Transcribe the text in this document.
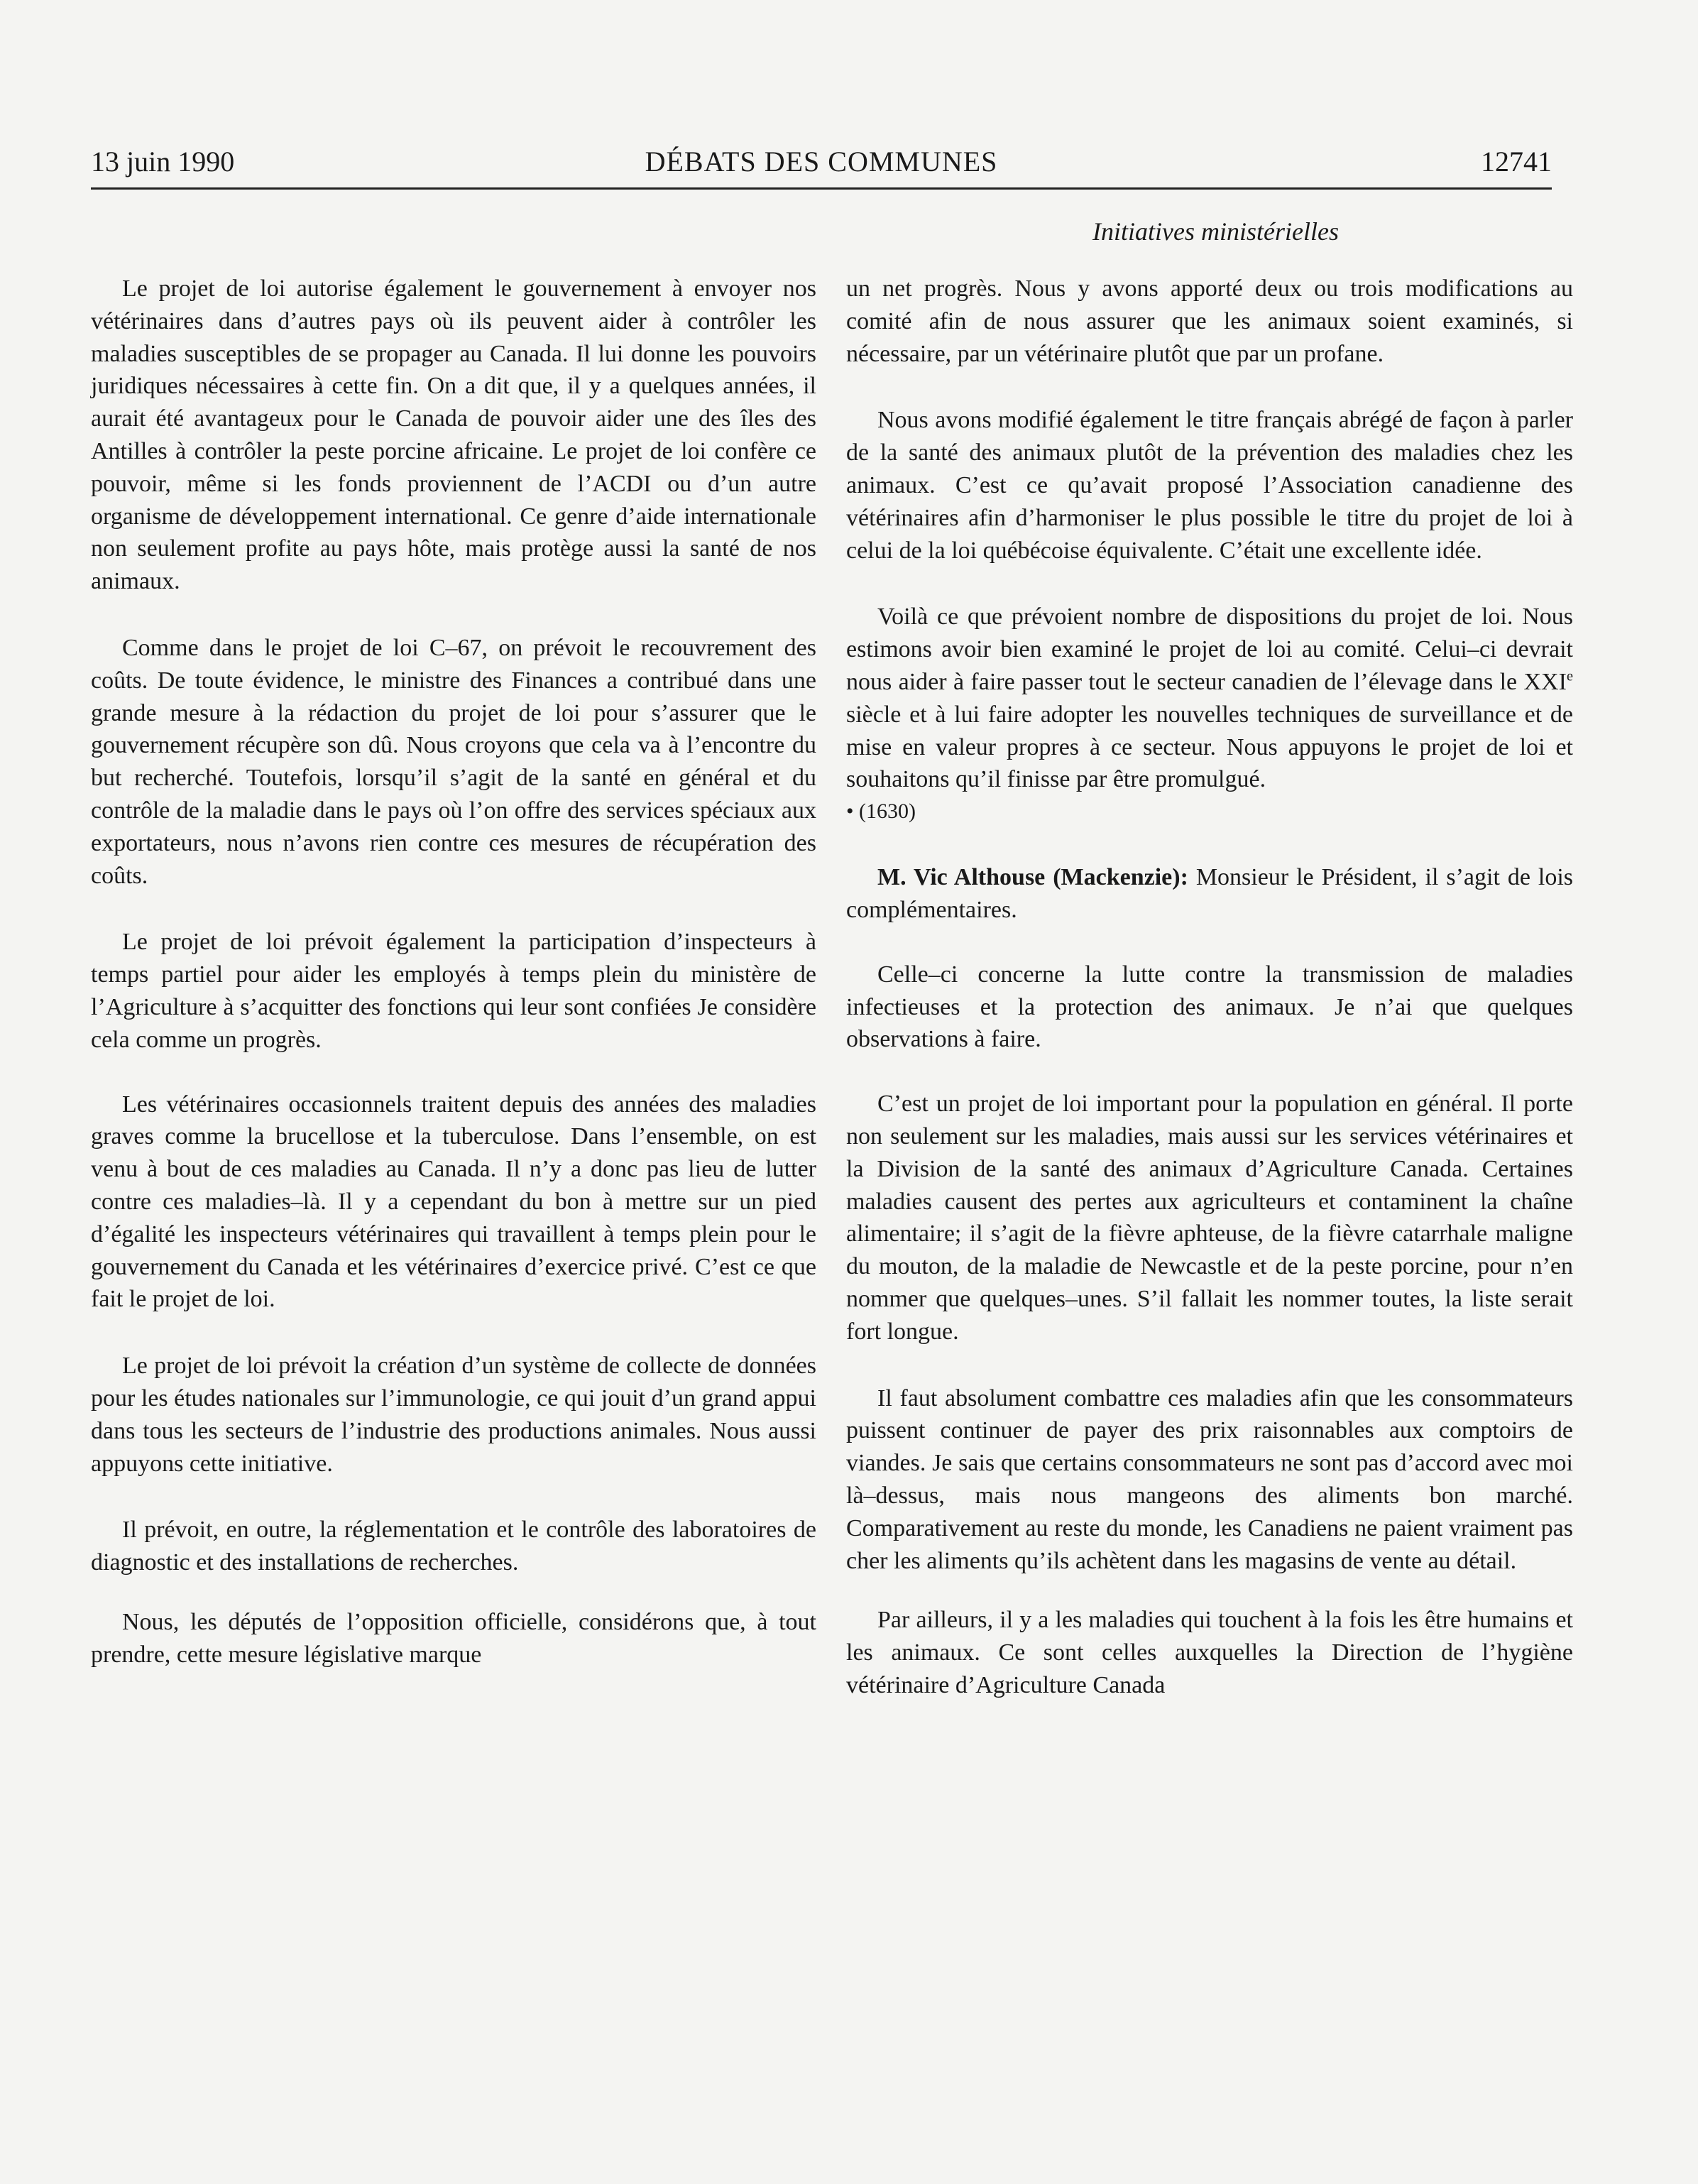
13 juin 1990	DÉBATS DES COMMUNES	12741
Initiatives ministérielles

Le projet de loi autorise également le gouvernement à envoyer nos vétérinaires dans d’autres pays où ils peuvent aider à contrôler les maladies susceptibles de se propager au Canada. Il lui donne les pouvoirs juridiques nécessaires à cette fin. On a dit que, il y a quelques années, il aurait été avantageux pour le Canada de pouvoir aider une des îles des Antilles à contrôler la peste porcine africaine. Le projet de loi confère ce pouvoir, même si les fonds proviennent de l’ACDI ou d’un autre organisme de développement international. Ce genre d’aide internationale non seulement profite au pays hôte, mais protège aussi la santé de nos animaux.

Comme dans le projet de loi C–67, on prévoit le recouvrement des coûts. De toute évidence, le ministre des Finances a contribué dans une grande mesure à la rédaction du projet de loi pour s’assurer que le gouvernement récupère son dû. Nous croyons que cela va à l’encontre du but recherché. Toutefois, lorsqu’il s’agit de la santé en général et du contrôle de la maladie dans le pays où l’on offre des services spéciaux aux exportateurs, nous n’avons rien contre ces mesures de récupération des coûts.

Le projet de loi prévoit également la participation d’inspecteurs à temps partiel pour aider les employés à temps plein du ministère de l’Agriculture à s’acquitter des fonctions qui leur sont confiées Je considère cela comme un progrès.

Les vétérinaires occasionnels traitent depuis des années des maladies graves comme la brucellose et la tuberculose. Dans l’ensemble, on est venu à bout de ces maladies au Canada. Il n’y a donc pas lieu de lutter contre ces maladies–là. Il y a cependant du bon à mettre sur un pied d’égalité les inspecteurs vétérinaires qui travaillent à temps plein pour le gouvernement du Canada et les vétérinaires d’exercice privé. C’est ce que fait le projet de loi.

Le projet de loi prévoit la création d’un système de collecte de données pour les études nationales sur l’immunologie, ce qui jouit d’un grand appui dans tous les secteurs de l’industrie des productions animales. Nous aussi appuyons cette initiative.

Il prévoit, en outre, la réglementation et le contrôle des laboratoires de diagnostic et des installations de recherches.

Nous, les députés de l’opposition officielle, considérons que, à tout prendre, cette mesure législative marque

un net progrès. Nous y avons apporté deux ou trois modifications au comité afin de nous assurer que les animaux soient examinés, si nécessaire, par un vétérinaire plutôt que par un profane.

Nous avons modifié également le titre français abrégé de façon à parler de la santé des animaux plutôt de la prévention des maladies chez les animaux. C’est ce qu’avait proposé l’Association canadienne des vétérinaires afin d’harmoniser le plus possible le titre du projet de loi à celui de la loi québécoise équivalente. C’était une excellente idée.

Voilà ce que prévoient nombre de dispositions du projet de loi. Nous estimons avoir bien examiné le projet de loi au comité. Celui–ci devrait nous aider à faire passer tout le secteur canadien de l’élevage dans le XXIe siècle et à lui faire adopter les nouvelles techniques de surveillance et de mise en valeur propres à ce secteur. Nous appuyons le projet de loi et souhaitons qu’il finisse par être promulgué.

• (1630)

M. Vic Althouse (Mackenzie): Monsieur le Président, il s’agit de lois complémentaires.

Celle–ci concerne la lutte contre la transmission de maladies infectieuses et la protection des animaux. Je n’ai que quelques observations à faire.

C’est un projet de loi important pour la population en général. Il porte non seulement sur les maladies, mais aussi sur les services vétérinaires et la Division de la santé des animaux d’Agriculture Canada. Certaines maladies causent des pertes aux agriculteurs et contaminent la chaîne alimentaire; il s’agit de la fièvre aphteuse, de la fièvre catarrhale maligne du mouton, de la maladie de Newcastle et de la peste porcine, pour n’en nommer que quelques–unes. S’il fallait les nommer toutes, la liste serait fort longue.

Il faut absolument combattre ces maladies afin que les consommateurs puissent continuer de payer des prix raisonnables aux comptoirs de viandes. Je sais que certains consommateurs ne sont pas d’accord avec moi là–dessus, mais nous mangeons des aliments bon marché. Comparativement au reste du monde, les Canadiens ne paient vraiment pas cher les aliments qu’ils achètent dans les magasins de vente au détail.

Par ailleurs, il y a les maladies qui touchent à la fois les être humains et les animaux. Ce sont celles auxquelles la Direction de l’hygiène vétérinaire d’Agriculture Canada
